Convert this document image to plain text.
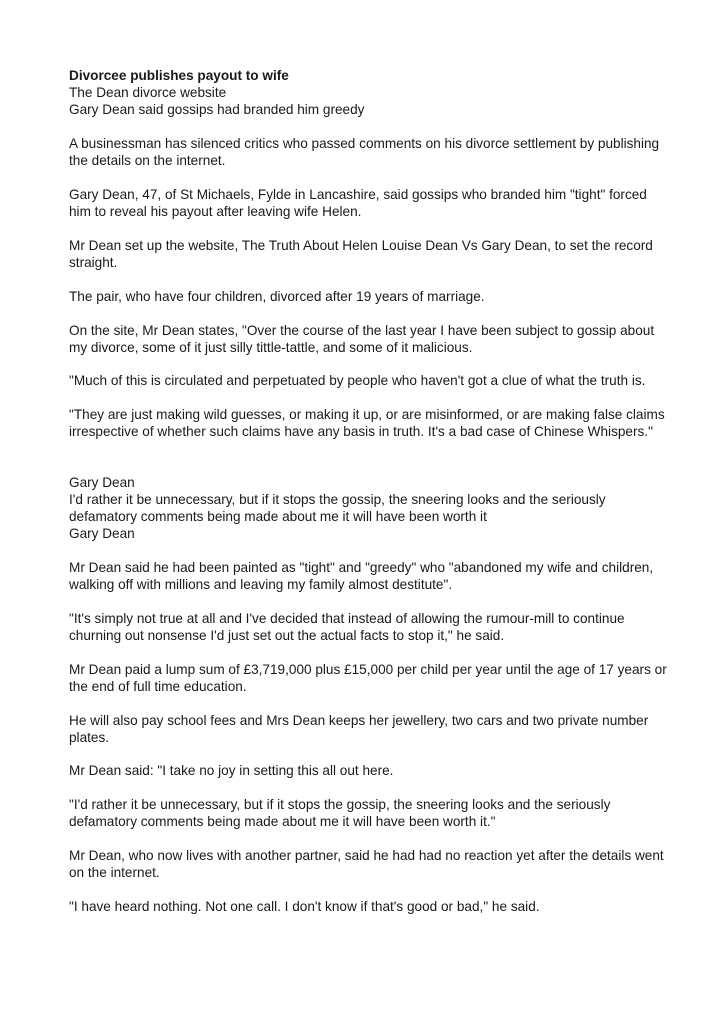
Divorcee publishes payout to wife

The Dean divorce website

Gary Dean said gossips had branded him greedy

A businessman has silenced critics who passed comments on his divorce settlement by publishing the details on the internet.

Gary Dean, 47, of St Michaels, Fylde in Lancashire, said gossips who branded him "tight" forced him to reveal his payout after leaving wife Helen.

Mr Dean set up the website, The Truth About Helen Louise Dean Vs Gary Dean, to set the record straight.

The pair, who have four children, divorced after 19 years of marriage.

On the site, Mr Dean states, "Over the course of the last year I have been subject to gossip about my divorce, some of it just silly tittle-tattle, and some of it malicious.

"Much of this is circulated and perpetuated by people who haven't got a clue of what the truth is.

"They are just making wild guesses, or making it up, or are misinformed, or are making false claims irrespective of whether such claims have any basis in truth. It's a bad case of Chinese Whispers."

Gary Dean

I'd rather it be unnecessary, but if it stops the gossip, the sneering looks and the seriously defamatory comments being made about me it will have been worth it

Gary Dean

Mr Dean said he had been painted as "tight" and "greedy" who "abandoned my wife and children, walking off with millions and leaving my family almost destitute".

"It's simply not true at all and I've decided that instead of allowing the rumour-mill to continue churning out nonsense I'd just set out the actual facts to stop it," he said.

Mr Dean paid a lump sum of £3,719,000 plus £15,000 per child per year until the age of 17 years or the end of full time education.

He will also pay school fees and Mrs Dean keeps her jewellery, two cars and two private number plates.

Mr Dean said: "I take no joy in setting this all out here.

"I'd rather it be unnecessary, but if it stops the gossip, the sneering looks and the seriously defamatory comments being made about me it will have been worth it."

Mr Dean, who now lives with another partner, said he had had no reaction yet after the details went on the internet.

"I have heard nothing. Not one call. I don't know if that's good or bad," he said.
